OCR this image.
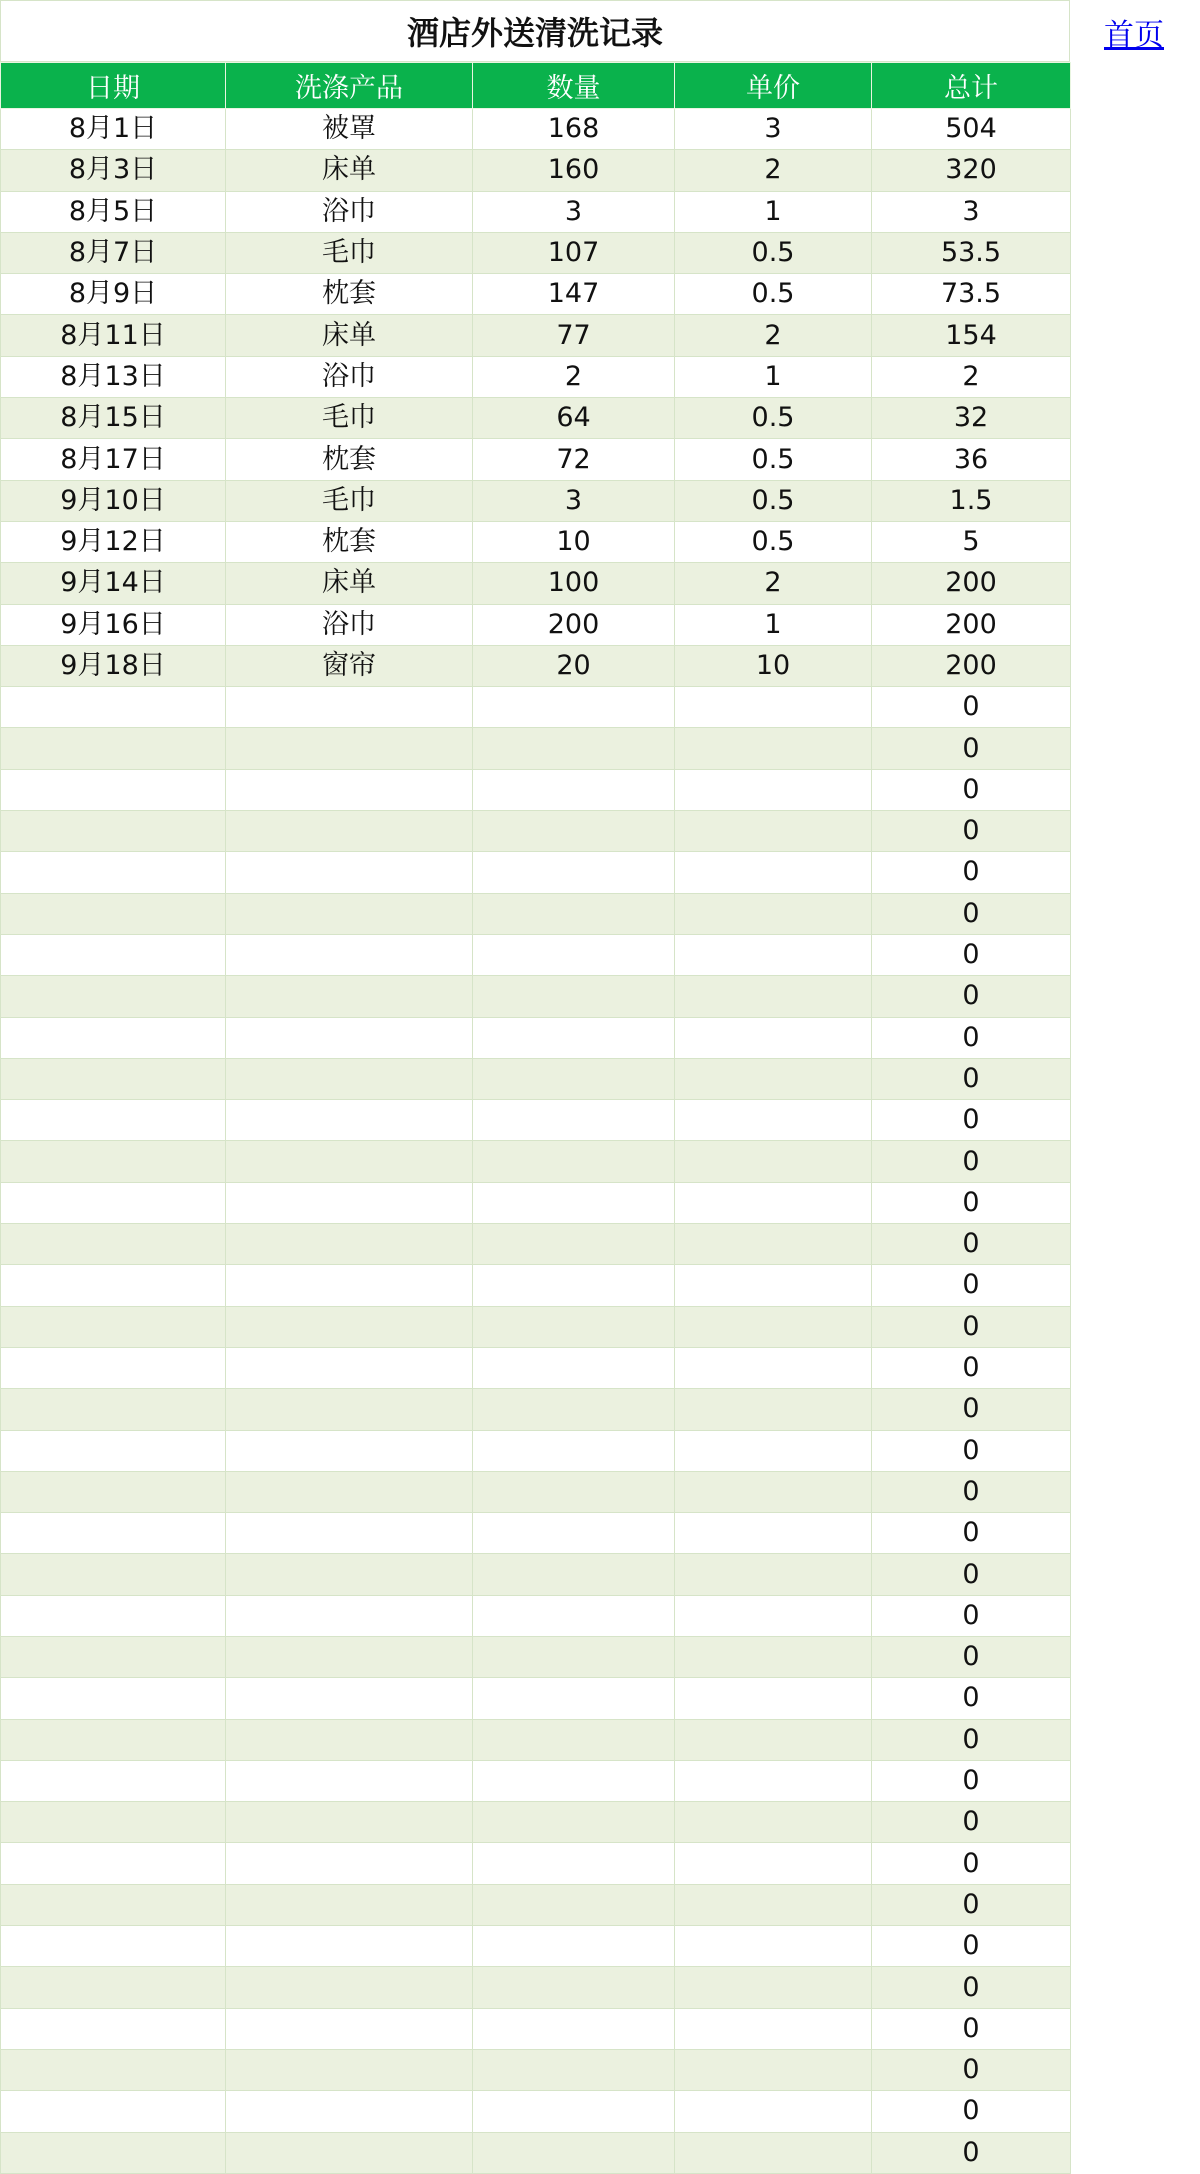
酒店外送清洗记录
日期	洗涤产品	数量	单价	总计
8月1日	被罩	168	3	504
8月3日	床单	160	2	320
8月5日	浴巾	3	1	3
8月7日	毛巾	107	0.5	53.5
8月9日	枕套	147	0.5	73.5
8月11日	床单	77	2	154
8月13日	浴巾	2	1	2
8月15日	毛巾	64	0.5	32
8月17日	枕套	72	0.5	36
9月10日	毛巾	3	0.5	1.5
9月12日	枕套	10	0.5	5
9月14日	床单	100	2	200
9月16日	浴巾	200	1	200
9月18日	窗帘	20	10	200
				0
				0
				0
				0
				0
				0
				0
				0
				0
				0
				0
				0
				0
				0
				0
				0
				0
				0
				0
				0
				0
				0
				0
				0
				0
				0
				0
				0
				0
				0
				0
				0
				0
				0
				0
				0
首页
